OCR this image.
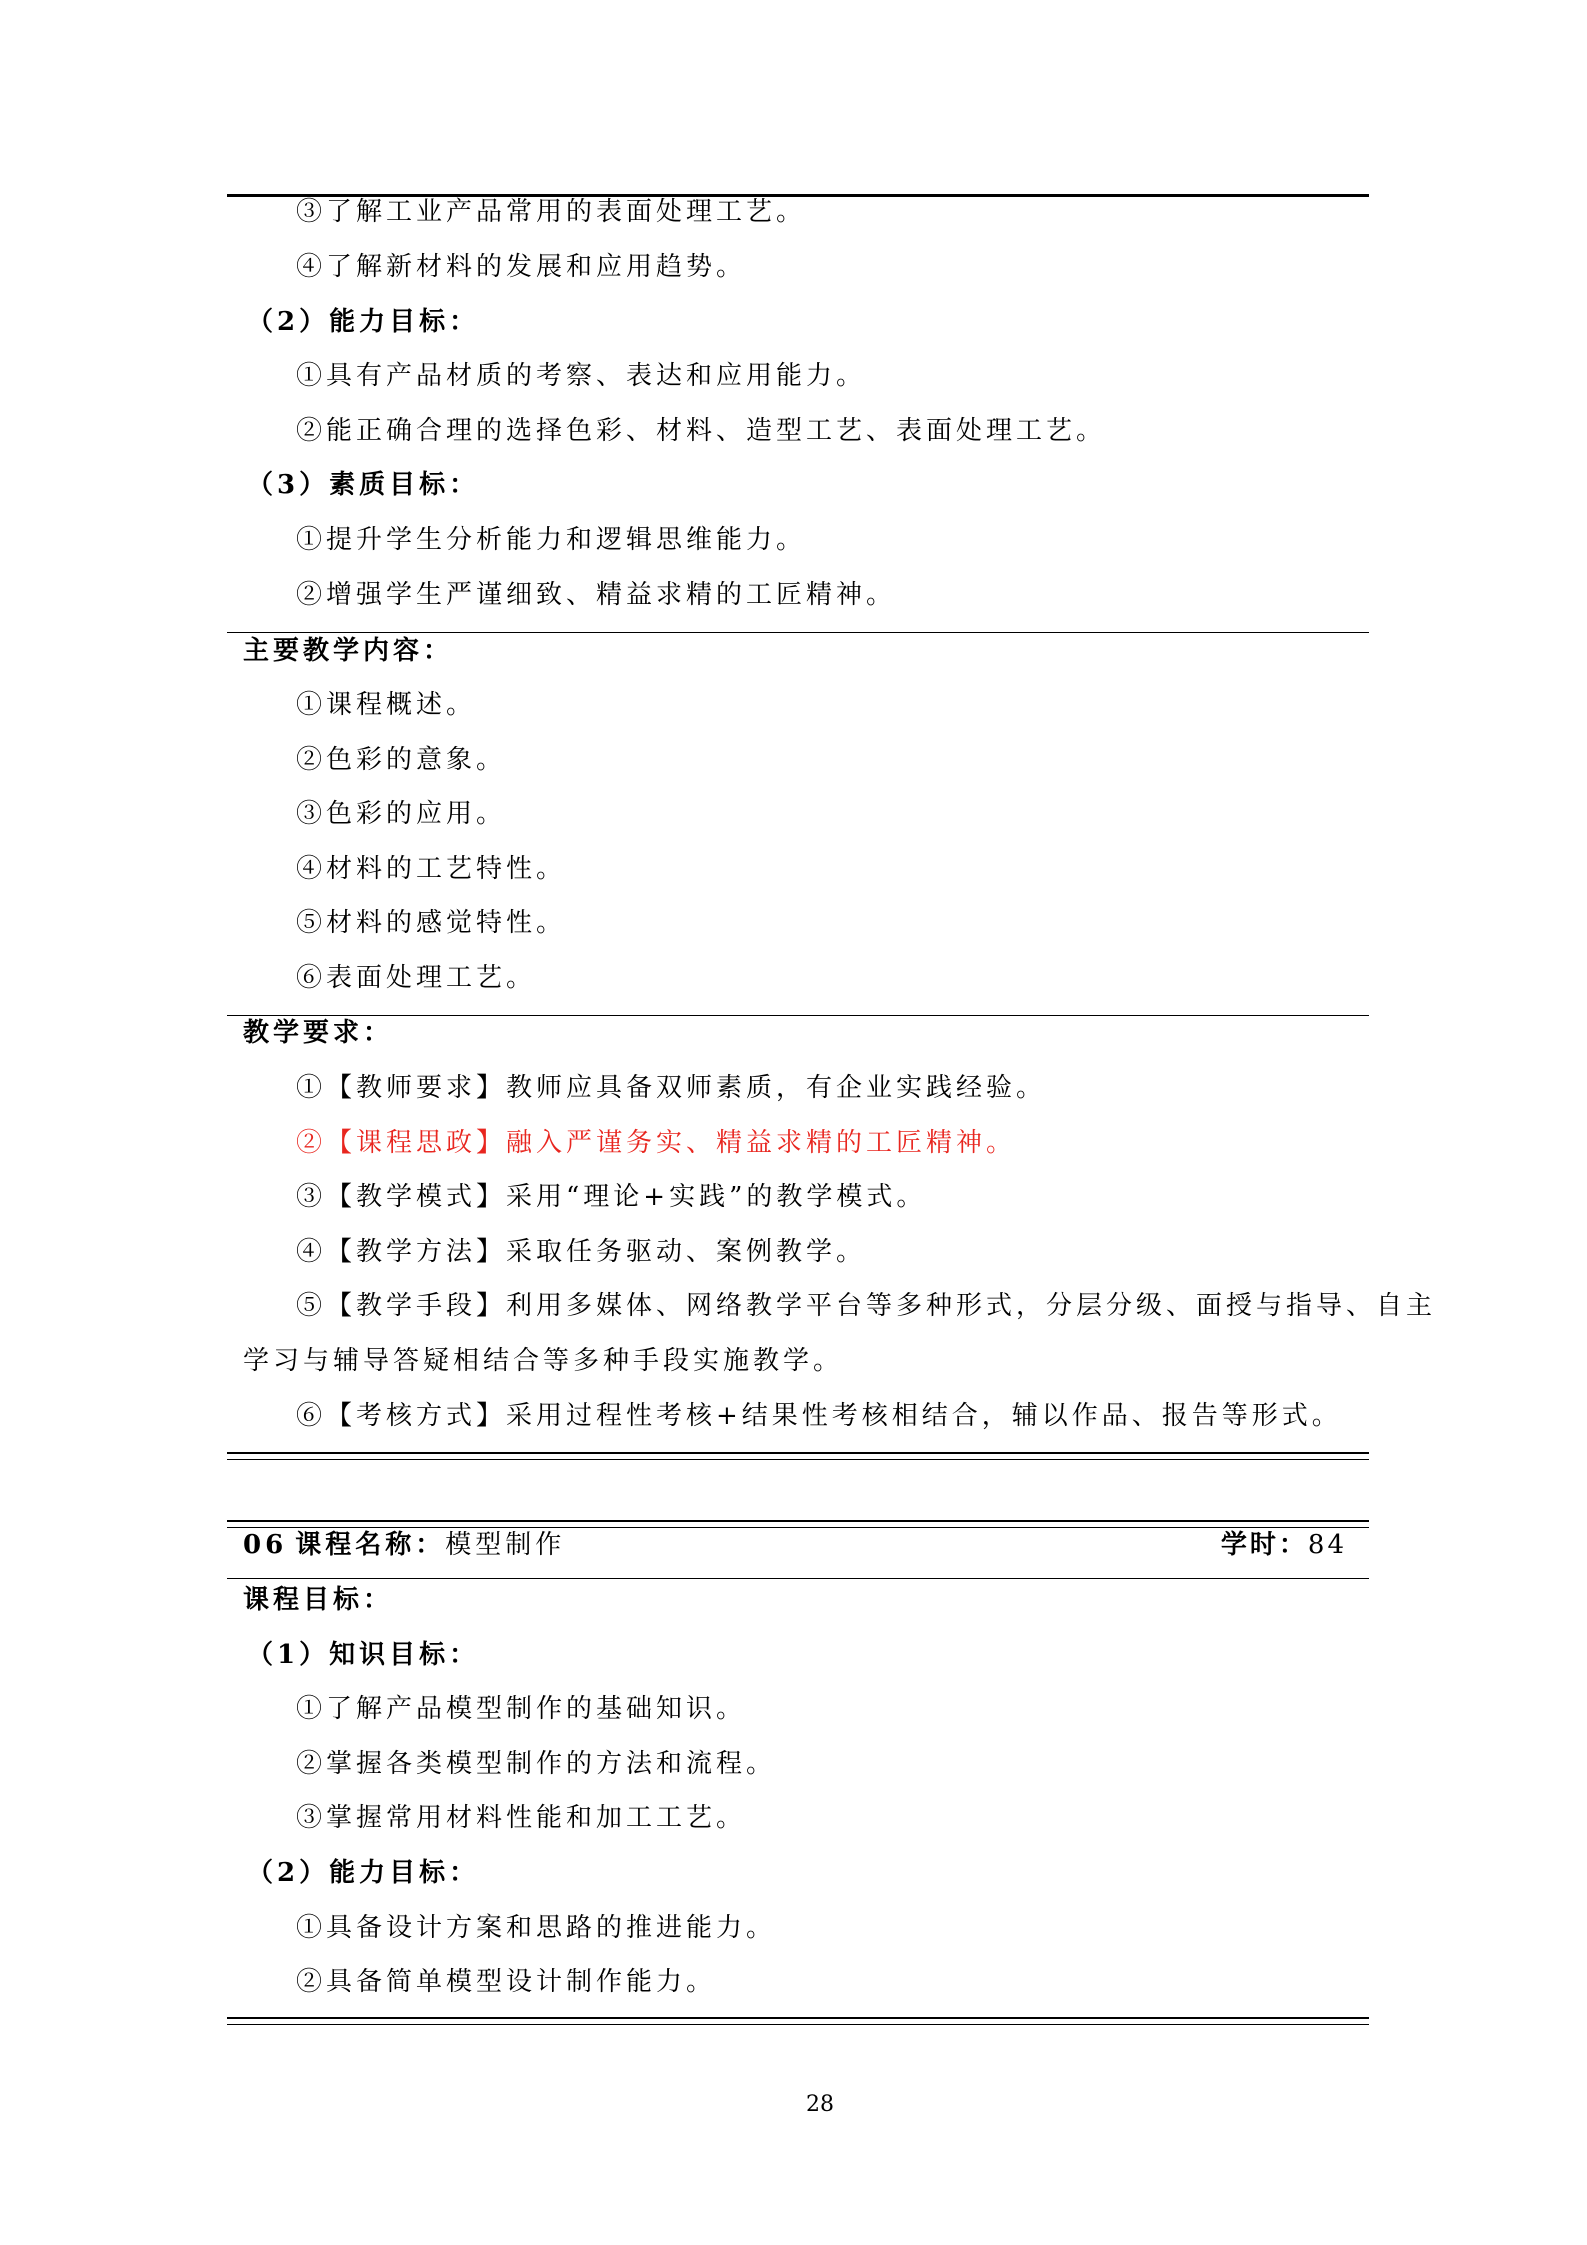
③了解工业产品常用的表面处理工艺。
④了解新材料的发展和应用趋势。
（2）能力目标：
①具有产品材质的考察、表达和应用能力。
②能正确合理的选择色彩、材料、造型工艺、表面处理工艺。
（3）素质目标：
①提升学生分析能力和逻辑思维能力。
②增强学生严谨细致、精益求精的工匠精神。
主要教学内容：
①课程概述。
②色彩的意象。
③色彩的应用。
④材料的工艺特性。
⑤材料的感觉特性。
⑥表面处理工艺。
教学要求：
①【教师要求】教师应具备双师素质，有企业实践经验。
②【课程思政】融入严谨务实、精益求精的工匠精神。
③【教学模式】采用“理论+实践”的教学模式。
④【教学方法】采取任务驱动、案例教学。
⑤【教学手段】利用多媒体、网络教学平台等多种形式，分层分级、面授与指导、自主
学习与辅导答疑相结合等多种手段实施教学。
⑥【考核方式】采用过程性考核+结果性考核相结合，辅以作品、报告等形式。
06 课程名称：模型制作	学时：84
课程目标：
（1）知识目标：
①了解产品模型制作的基础知识。
②掌握各类模型制作的方法和流程。
③掌握常用材料性能和加工工艺。
（2）能力目标：
①具备设计方案和思路的推进能力。
②具备简单模型设计制作能力。
28
